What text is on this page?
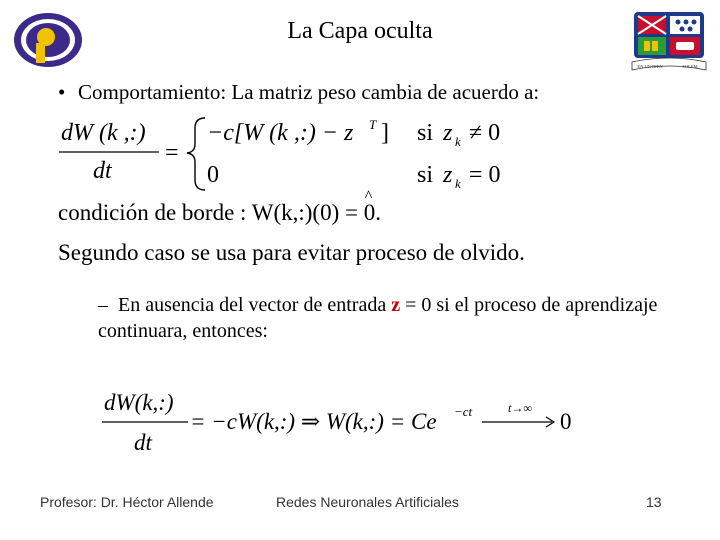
La Capa oculta
EN UN BIEN	SOLEM
• Comportamiento: La matriz peso cambia de acuerdo a:
dW (k ,:)
dt
=
−c[W (k ,:) − z T ] si z k ≠ 0
0	si z k = 0
condición de borde : W(k,:)(0) = 0
^
.
Segundo caso se usa para evitar proceso de olvido.
– En ausencia del vector de entrada z = 0 si el proceso de aprendizaje continuara, entonces:
dW(k,:)
dt
= −cW(k,:) ⇒ W(k,:) = Ce −ct	t→∞
0
Profesor: Dr. Héctor Allende	Redes Neuronales Artificiales	13
